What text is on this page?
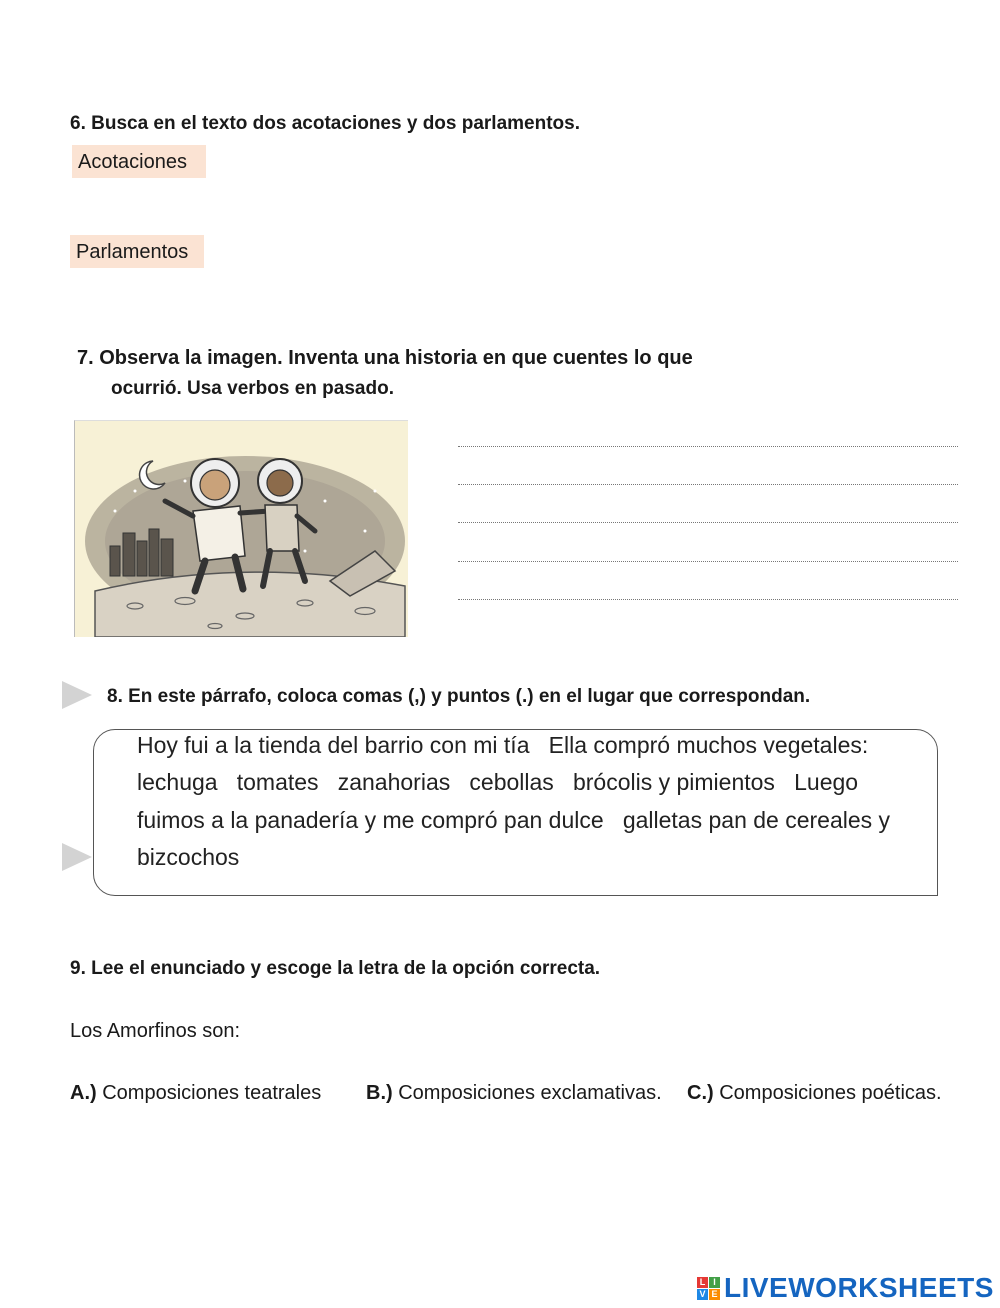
6. Busca en el texto dos acotaciones y dos parlamentos.
Acotaciones
Parlamentos
7. Observa la imagen. Inventa una historia en que cuentes lo que
ocurrió. Usa verbos en pasado.
8. En este párrafo, coloca comas (,) y puntos (.) en el lugar que correspondan.
Hoy fui a la tienda del barrio con mi tía   Ella compró muchos vegetales:
lechuga   tomates   zanahorias   cebollas   brócolis y pimientos   Luego
fuimos a la panadería y me compró pan dulce   galletas pan de cereales y
bizcochos
9. Lee el enunciado y escoge la letra de la opción correcta.
Los Amorfinos son:
A.) Composiciones teatrales B.) Composiciones exclamativas. C.) Composiciones poéticas.
L I
V E LIVEWORKSHEETS
